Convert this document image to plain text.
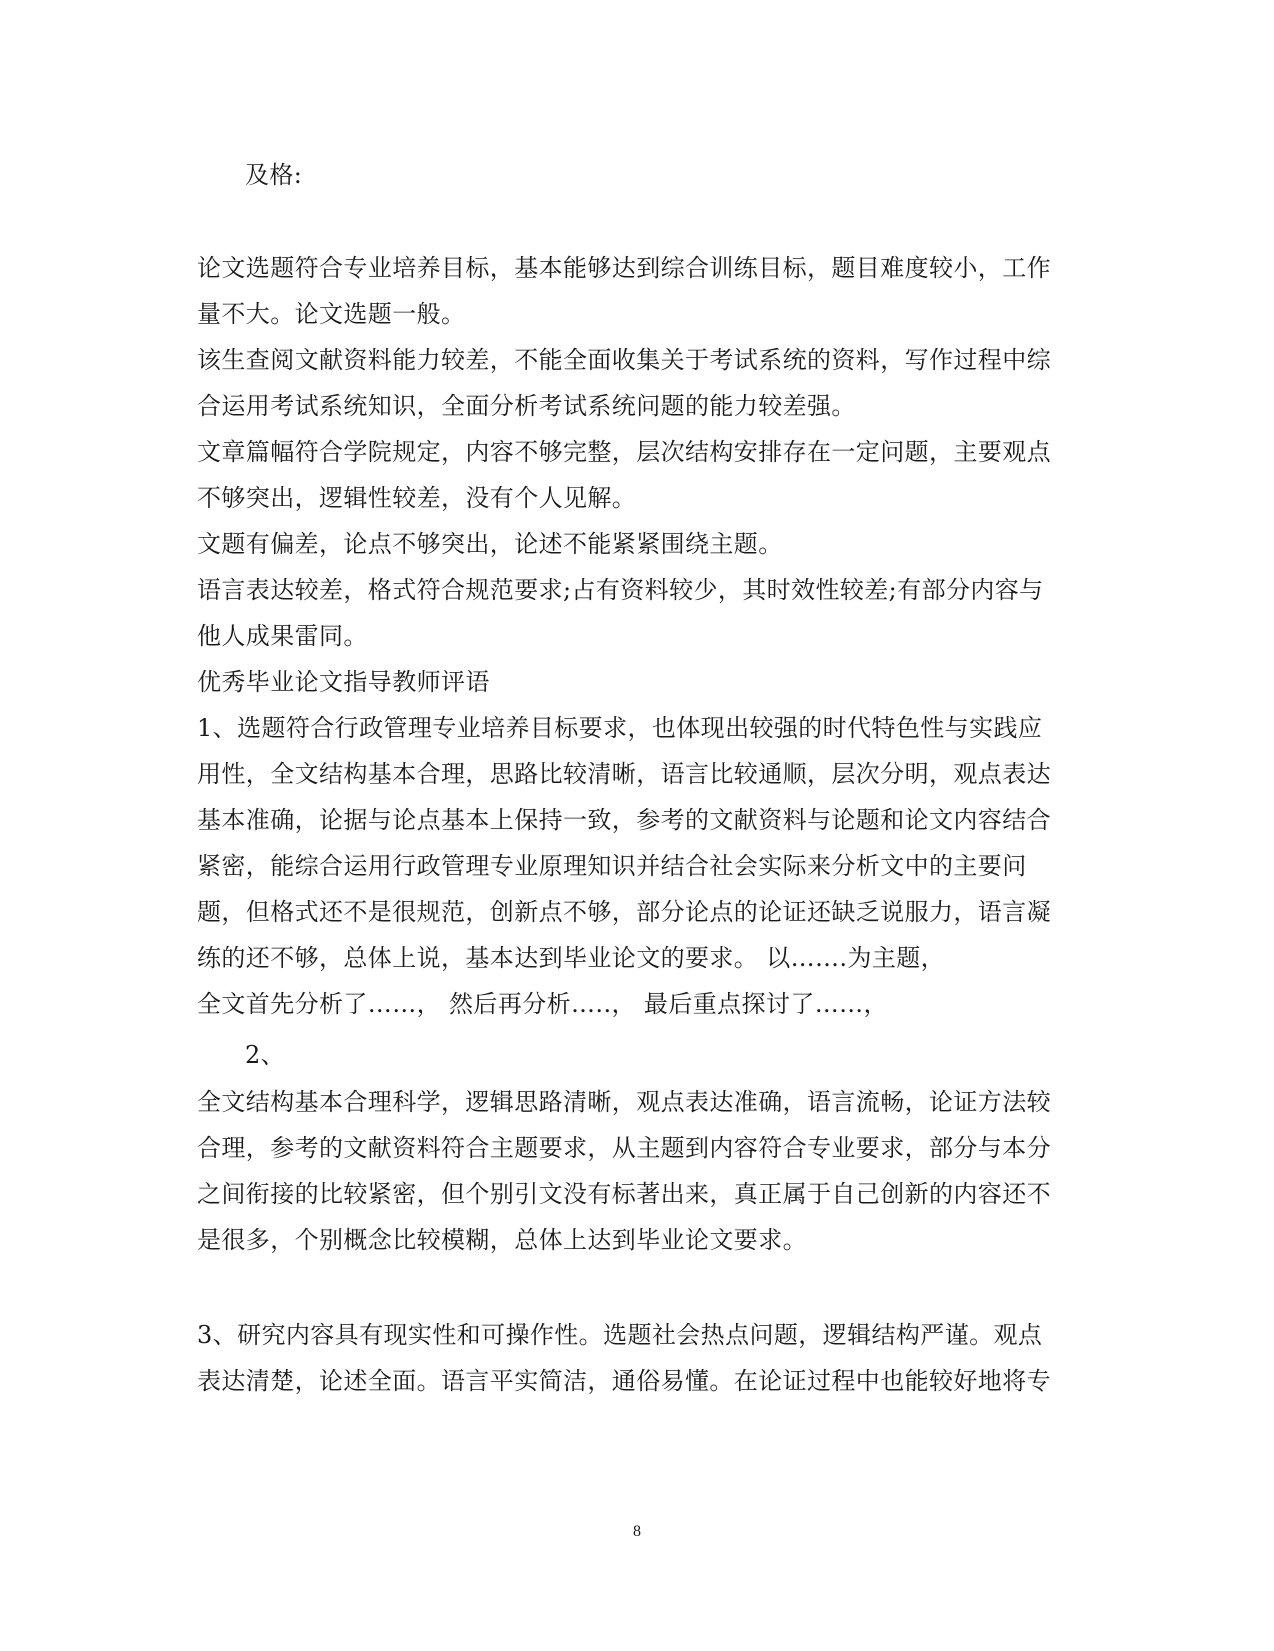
及格:
论文选题符合专业培养目标，基本能够达到综合训练目标，题目难度较小，工作
量不大。论文选题一般。
该生查阅文献资料能力较差，不能全面收集关于考试系统的资料，写作过程中综
合运用考试系统知识，全面分析考试系统问题的能力较差强。
文章篇幅符合学院规定，内容不够完整，层次结构安排存在一定问题，主要观点
不够突出，逻辑性较差，没有个人见解。
文题有偏差，论点不够突出，论述不能紧紧围绕主题。
语言表达较差，格式符合规范要求;占有资料较少，其时效性较差;有部分内容与
他人成果雷同。
优秀毕业论文指导教师评语
1、选题符合行政管理专业培养目标要求，也体现出较强的时代特色性与实践应
用性，全文结构基本合理，思路比较清晰，语言比较通顺，层次分明，观点表达
基本准确，论据与论点基本上保持一致，参考的文献资料与论题和论文内容结合
紧密，能综合运用行政管理专业原理知识并结合社会实际来分析文中的主要问
题，但格式还不是很规范，创新点不够，部分论点的论证还缺乏说服力，语言凝
练的还不够，总体上说，基本达到毕业论文的要求。 以…….为主题，
全文首先分析了……， 然后再分析…..， 最后重点探讨了……，
2、
全文结构基本合理科学，逻辑思路清晰，观点表达准确，语言流畅，论证方法较
合理，参考的文献资料符合主题要求，从主题到内容符合专业要求，部分与本分
之间衔接的比较紧密，但个别引文没有标著出来，真正属于自己创新的内容还不
是很多，个别概念比较模糊，总体上达到毕业论文要求。
3、研究内容具有现实性和可操作性。选题社会热点问题，逻辑结构严谨。观点
表达清楚，论述全面。语言平实简洁，通俗易懂。在论证过程中也能较好地将专
8
